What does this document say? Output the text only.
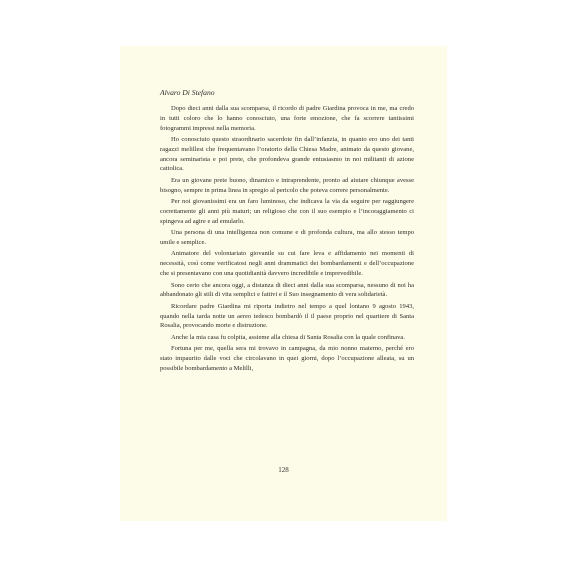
Alvaro Di Stefano

Dopo dieci anni dalla sua scomparsa, il ricordo di padre Giardina provoca in me, ma credo in tutti coloro che lo hanno conosciuto, una forte emozione, che fa scorrere tantissimi fotogrammi impressi nella memoria.

Ho conosciuto questo straordinario sacerdote fin dall’infanzia, in quanto ero uno dei tanti ragazzi melillesi che frequentavano l’oratorio della Chiesa Madre, animato da questo giovane, ancora seminarista e poi prete, che profondeva grande entusiasmo in noi militanti di azione cattolica.

Era un giovane prete buono, dinamico e intraprendente, pronto ad aiutare chiunque avesse bisogno, sempre in prima linea in spregio al pericolo che poteva correre personalmente.

Per noi giovanissimi era un faro luminoso, che indicava la via da seguire per raggiungere correttamente gli anni più maturi; un religioso che con il suo esempio e l’incoraggiamento ci spingeva ad agire e ad emularlo.

Una persona di una intelligenza non comune e di profonda cultura, ma allo stesso tempo umile e semplice.

Animatore del volontariato giovanile su cui fare leva e affidamento nei momenti di necessità, così come verificatosi negli anni drammatici dei bombardamenti e dell’occupazione che si presentavano con una quotidianità davvero incredibile e imprevedibile.

Sono certo che ancora oggi, a distanza di dieci anni dalla sua scomparsa, nessuno di noi ha abbandonato gli stili di vita semplici e fattivi e il Suo insegnamento di vera solidarietà.

Ricordare padre Giardina mi riporta indietro nel tempo a quel lontano 9 agosto 1943, quando nella tarda notte un aereo tedesco bombardò il il paese proprio nel quartiere di Santa Rosalia, provocando morte e distruzione.

Anche la mia casa fu colpita, assieme alla chiesa di Santa Rosalia con la quale confinava.

Fortuna per me, quella sera mi trovavo in campagna, da mio nonno materno, perché ero stato impaurito dalle voci che circolavano in quei giorni, dopo l’occupazione alleata, su un possibile bombardamento a Melilli,

128
